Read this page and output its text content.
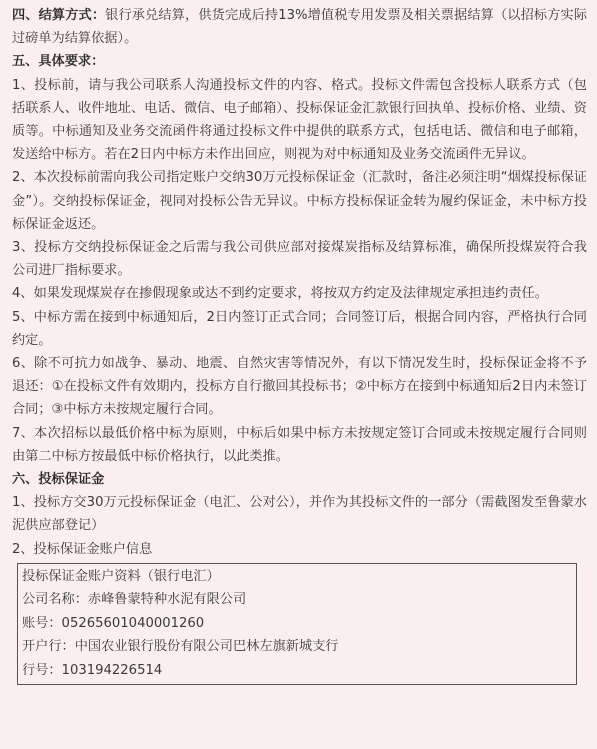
四、结算方式：银行承兑结算，供货完成后持13%增值税专用发票及相关票据结算（以招标方实际过磅单为结算依据）。

五、具体要求：

1、投标前，请与我公司联系人沟通投标文件的内容、格式。投标文件需包含投标人联系方式（包括联系人、收件地址、电话、微信、电子邮箱）、投标保证金汇款银行回执单、投标价格、业绩、资质等。中标通知及业务交流函件将通过投标文件中提供的联系方式，包括电话、微信和电子邮箱，发送给中标方。若在2日内中标方未作出回应，则视为对中标通知及业务交流函件无异议。

2、本次投标前需向我公司指定账户交纳30万元投标保证金（汇款时，备注必须注明“烟煤投标保证金”）。交纳投标保证金，视同对投标公告无异议。中标方投标保证金转为履约保证金，未中标方投标保证金返还。

3、投标方交纳投标保证金之后需与我公司供应部对接煤炭指标及结算标准，确保所投煤炭符合我公司进厂指标要求。

4、如果发现煤炭存在掺假现象或达不到约定要求，将按双方约定及法律规定承担违约责任。

5、中标方需在接到中标通知后，2日内签订正式合同；合同签订后，根据合同内容，严格执行合同约定。

6、除不可抗力如战争、暴动、地震、自然灾害等情况外，有以下情况发生时，投标保证金将不予退还：①在投标文件有效期内，投标方自行撤回其投标书；②中标方在接到中标通知后2日内未签订合同；③中标方未按规定履行合同。

7、本次招标以最低价格中标为原则，中标后如果中标方未按规定签订合同或未按规定履行合同则由第二中标方按最低中标价格执行，以此类推。

六、投标保证金

1、投标方交30万元投标保证金（电汇、公对公），并作为其投标文件的一部分（需截图发至鲁蒙水泥供应部登记）

2、投标保证金账户信息

投标保证金账户资料（银行电汇）

公司名称：赤峰鲁蒙特种水泥有限公司

账号：05265601040001260

开户行：中国农业银行股份有限公司巴林左旗新城支行

行号：103194226514
